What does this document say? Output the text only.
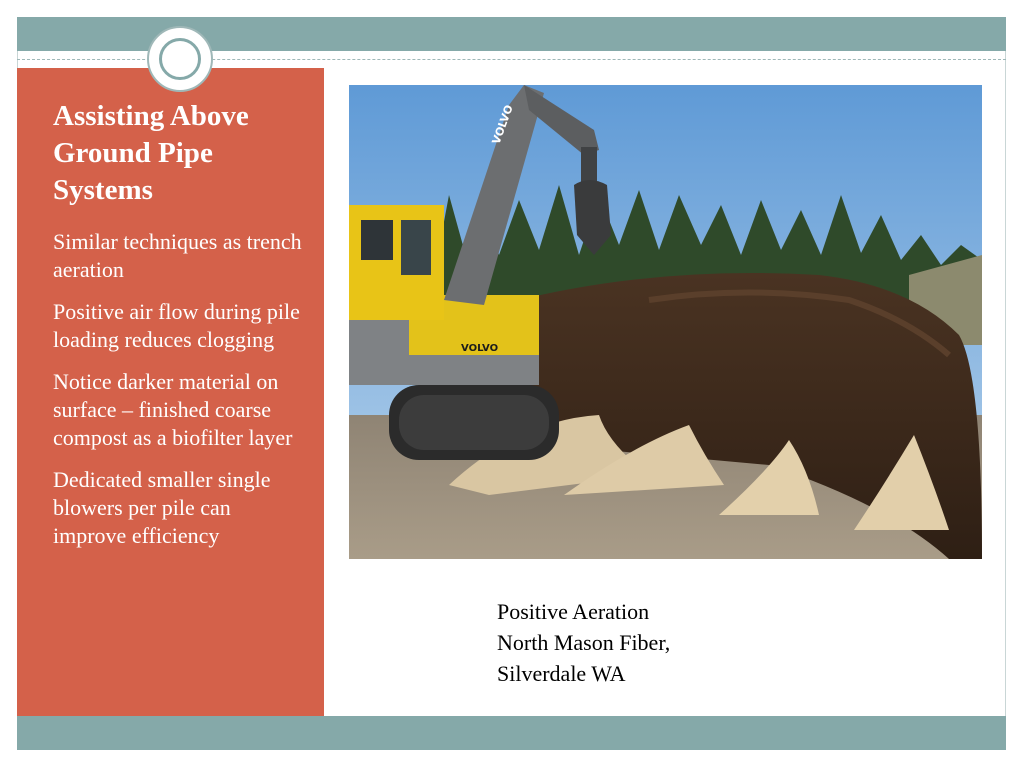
Assisting Above Ground Pipe Systems
Similar techniques as trench aeration
Positive air flow during pile loading reduces clogging
Notice darker material on surface – finished coarse compost as a biofilter layer
Dedicated smaller single blowers per pile can improve efficiency
VOLVO
VOLVO
Positive Aeration
North Mason Fiber,
Silverdale WA
